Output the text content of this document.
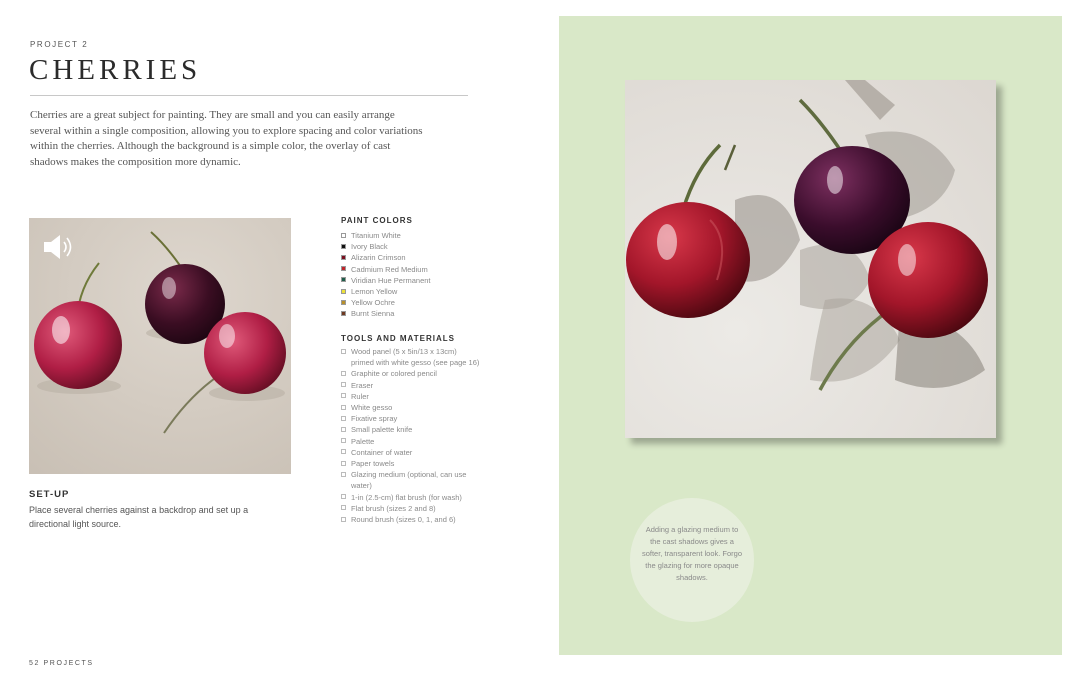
PROJECT 2
CHERRIES

Cherries are a great subject for painting. They are small and you can easily arrange several within a single composition, allowing you to explore spacing and color variations within the cherries. Although the background is a simple color, the overlay of cast shadows makes the composition more dynamic.

SET-UP

Place several cherries against a backdrop and set up a directional light source.

PAINT COLORS
Titanium White
Ivory Black
Alizarin Crimson
Cadmium Red Medium
Viridian Hue Permanent
Lemon Yellow
Yellow Ochre
Burnt Sienna
TOOLS AND MATERIALS
Wood panel (5 x 5in/13 x 13cm) primed with white gesso (see page 16)
Graphite or colored pencil
Eraser
Ruler
White gesso
Fixative spray
Small palette knife
Palette
Container of water
Paper towels
Glazing medium (optional, can use water)
1-in (2.5-cm) flat brush (for wash)
Flat brush (sizes 2 and 8)
Round brush (sizes 0, 1, and 6)
52 PROJECTS

Adding a glazing medium to the cast shadows gives a softer, transparent look. Forgo the glazing for more opaque shadows.
